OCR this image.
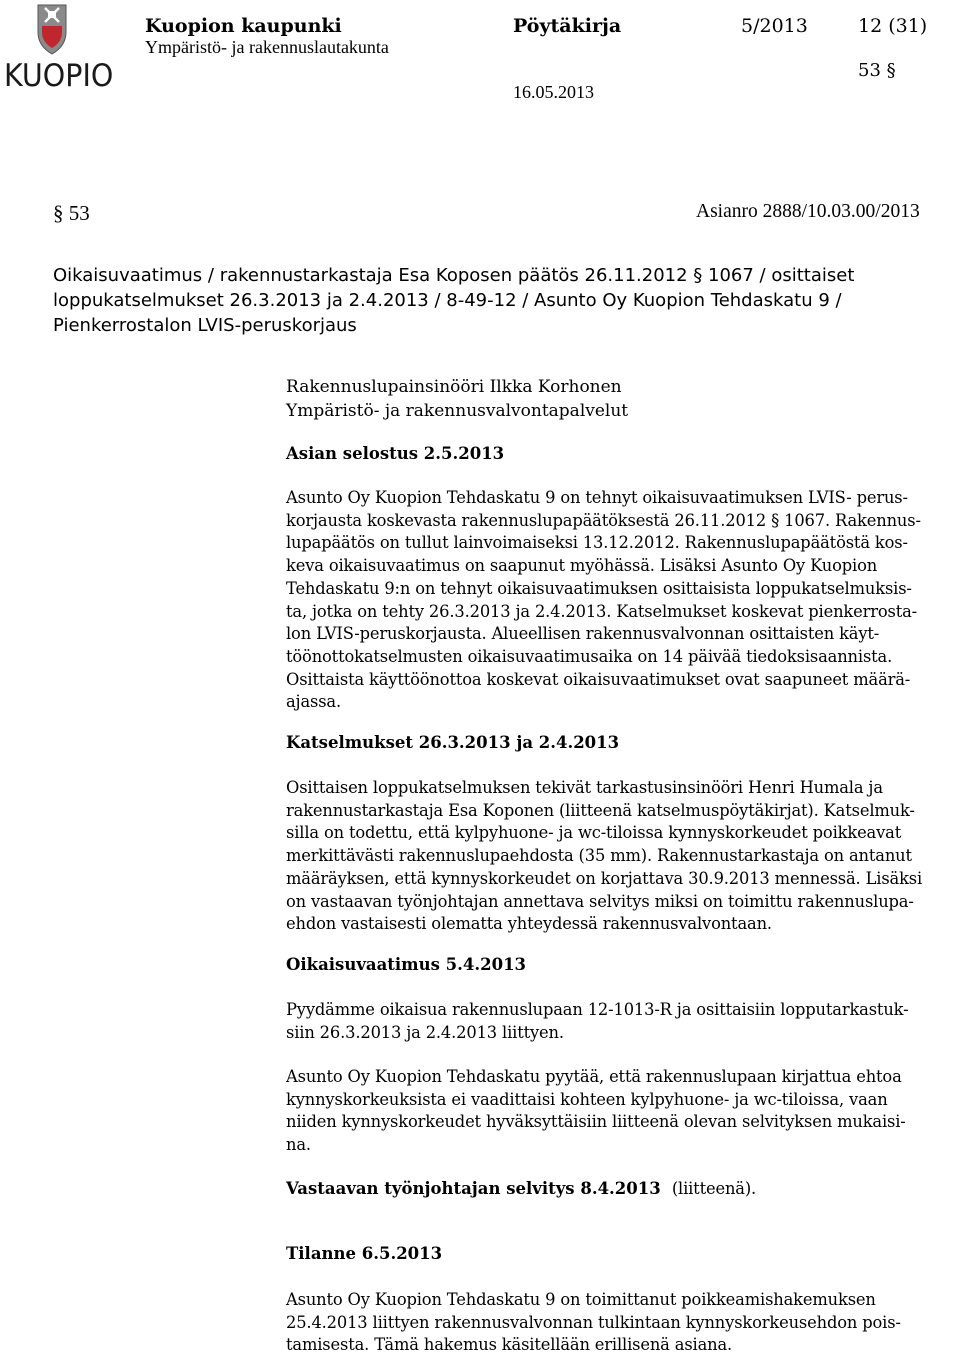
KUOPIO
Kuopion kaupunki
Ympäristö- ja rakennuslautakunta
Pöytäkirja	5/2013	12 (31)
53 §
16.05.2013
§ 53	Asianro 2888/10.03.00/2013
Oikaisuvaatimus / rakennustarkastaja Esa Koposen päätös 26.11.2012 § 1067 / osittaiset
loppukatselmukset 26.3.2013 ja 2.4.2013 / 8-49-12 / Asunto Oy Kuopion Tehdaskatu 9 /
Pienkerrostalon LVIS-peruskorjaus
Rakennuslupainsinööri Ilkka Korhonen
Ympäristö- ja rakennusvalvontapalvelut
Asian selostus 2.5.2013
Asunto Oy Kuopion Tehdaskatu 9 on tehnyt oikaisuvaatimuksen LVIS- perus-
korjausta koskevasta rakennuslupapäätöksestä 26.11.2012 § 1067. Rakennus-
lupapäätös on tullut lainvoimaiseksi 13.12.2012. Rakennuslupapäätöstä kos-
keva oikaisuvaatimus on saapunut myöhässä. Lisäksi Asunto Oy Kuopion
Tehdaskatu 9:n on tehnyt oikaisuvaatimuksen osittaisista loppukatselmuksis-
ta, jotka on tehty 26.3.2013 ja 2.4.2013. Katselmukset koskevat pienkerrosta-
lon LVIS-peruskorjausta. Alueellisen rakennusvalvonnan osittaisten käyt-
töönottokatselmusten oikaisuvaatimusaika on 14 päivää tiedoksisaannista.
Osittaista käyttöönottoa koskevat oikaisuvaatimukset ovat saapuneet määrä-
ajassa.
Katselmukset 26.3.2013 ja 2.4.2013
Osittaisen loppukatselmuksen tekivät tarkastusinsinööri Henri Humala ja
rakennustarkastaja Esa Koponen (liitteenä katselmuspöytäkirjat). Katselmuk-
silla on todettu, että kylpyhuone- ja wc-tiloissa kynnyskorkeudet poikkeavat
merkittävästi rakennuslupaehdosta (35 mm). Rakennustarkastaja on antanut
määräyksen, että kynnyskorkeudet on korjattava 30.9.2013 mennessä. Lisäksi
on vastaavan työnjohtajan annettava selvitys miksi on toimittu rakennuslupa-
ehdon vastaisesti olematta yhteydessä rakennusvalvontaan.
Oikaisuvaatimus 5.4.2013
Pyydämme oikaisua rakennuslupaan 12-1013-R ja osittaisiin lopputarkastuk-
siin 26.3.2013 ja 2.4.2013 liittyen.
Asunto Oy Kuopion Tehdaskatu pyytää, että rakennuslupaan kirjattua ehtoa
kynnyskorkeuksista ei vaadittaisi kohteen kylpyhuone- ja wc-tiloissa, vaan
niiden kynnyskorkeudet hyväksyttäisiin liitteenä olevan selvityksen mukaisi-
na.
Vastaavan työnjohtajan selvitys 8.4.2013 (liitteenä).
Tilanne 6.5.2013
Asunto Oy Kuopion Tehdaskatu 9 on toimittanut poikkeamishakemuksen
25.4.2013 liittyen rakennusvalvonnan tulkintaan kynnyskorkeusehdon pois-
tamisesta. Tämä hakemus käsitellään erillisenä asiana.
